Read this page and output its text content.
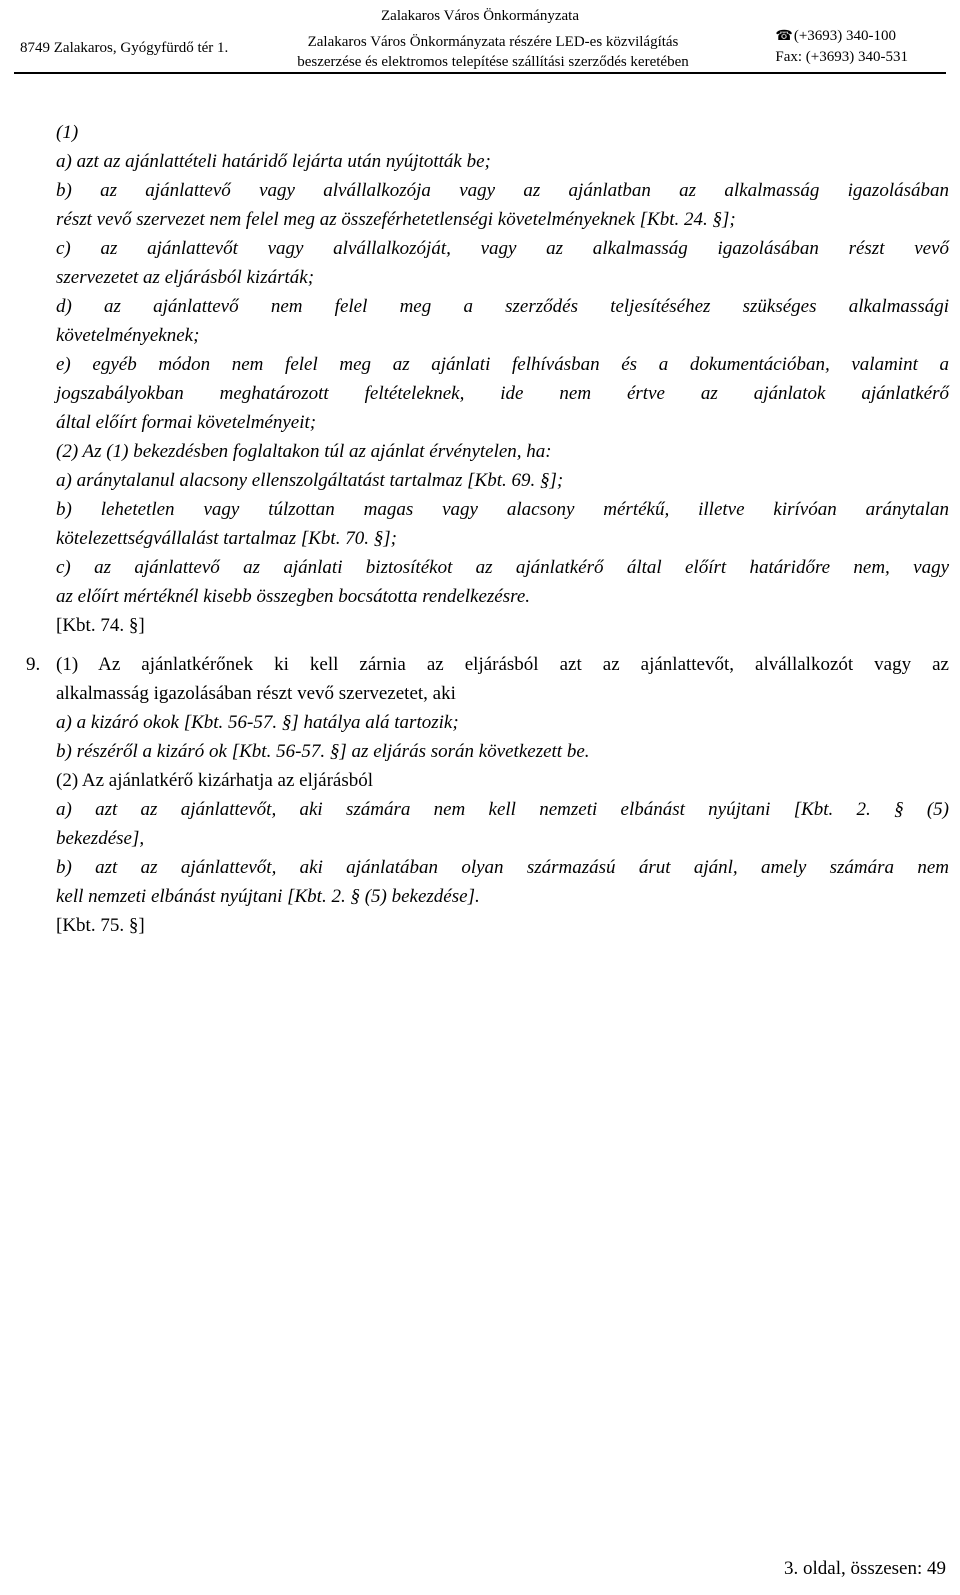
Zalakaros Város Önkormányzata
8749 Zalakaros, Gyógyfürdő tér 1.	Zalakaros Város Önkormányzata részére LED-es közvilágítás
beszerzése és elektromos telepítése szállítási szerződés keretében
☎(+3693) 340-100
Fax: (+3693) 340-531
(1)
a) azt az ajánlattételi határidő lejárta után nyújtották be;
b) az ajánlattevő vagy alvállalkozója vagy az ajánlatban az alkalmasság igazolásában
részt vevő szervezet nem felel meg az összeférhetetlenségi követelményeknek [Kbt. 24. §];
c) az ajánlattevőt vagy alvállalkozóját, vagy az alkalmasság igazolásában részt vevő
szervezetet az eljárásból kizárták;
d) az ajánlattevő nem felel meg a szerződés teljesítéséhez szükséges alkalmassági
követelményeknek;
e) egyéb módon nem felel meg az ajánlati felhívásban és a dokumentációban, valamint a
jogszabályokban meghatározott feltételeknek, ide nem értve az ajánlatok ajánlatkérő
által előírt formai követelményeit;
(2) Az (1) bekezdésben foglaltakon túl az ajánlat érvénytelen, ha:
a) aránytalanul alacsony ellenszolgáltatást tartalmaz [Kbt. 69. §];
b) lehetetlen vagy túlzottan magas vagy alacsony mértékű, illetve kirívóan aránytalan
kötelezettségvállalást tartalmaz [Kbt. 70. §];
c) az ajánlattevő az ajánlati biztosítékot az ajánlatkérő által előírt határidőre nem, vagy
az előírt mértéknél kisebb összegben bocsátotta rendelkezésre.
[Kbt. 74. §]
9. (1) Az ajánlatkérőnek ki kell zárnia az eljárásból azt az ajánlattevőt, alvállalkozót vagy az
alkalmasság igazolásában részt vevő szervezetet, aki
a) a kizáró okok [Kbt. 56-57. §] hatálya alá tartozik;
b) részéről a kizáró ok [Kbt. 56-57. §] az eljárás során következett be.
(2) Az ajánlatkérő kizárhatja az eljárásból
a) azt az ajánlattevőt, aki számára nem kell nemzeti elbánást nyújtani [Kbt. 2. § (5)
bekezdése],
b) azt az ajánlattevőt, aki ajánlatában olyan származású árut ajánl, amely számára nem
kell nemzeti elbánást nyújtani [Kbt. 2. § (5) bekezdése].
[Kbt. 75. §]
3. oldal, összesen: 49
